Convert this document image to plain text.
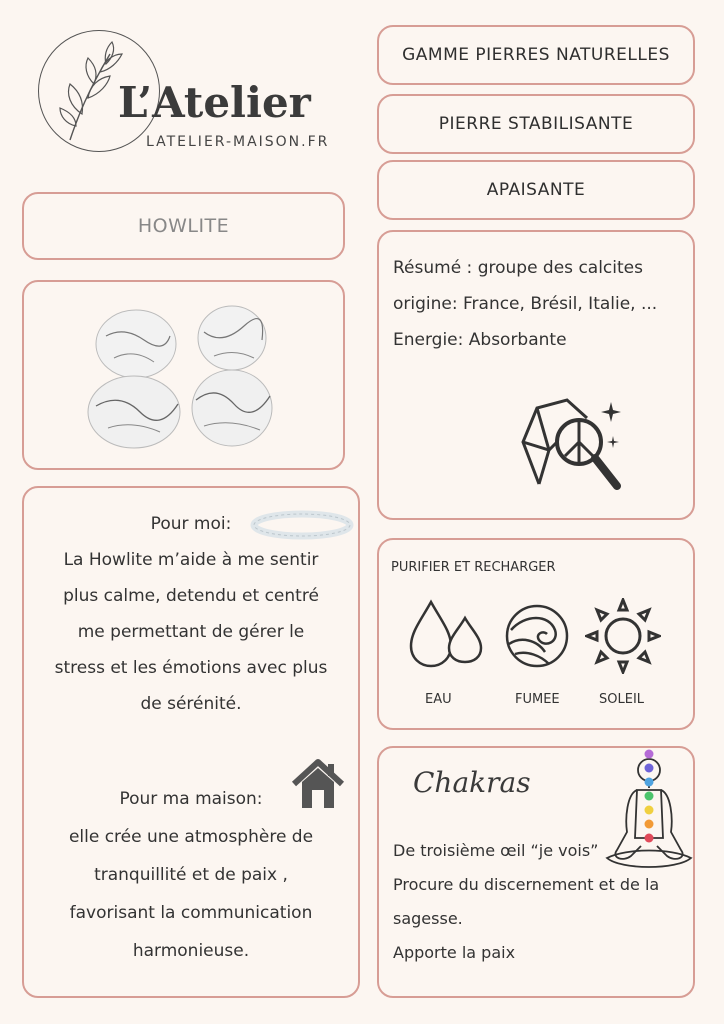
L’Atelier
LATELIER-MAISON.FR
GAMME PIERRES NATURELLES
PIERRE STABILISANTE
APAISANTE
HOWLITE
Résumé : groupe des calcites
origine: France, Brésil, Italie, ...
Energie: Absorbante
Pour moi:
La Howlite m’aide à me sentir
plus calme, detendu et centré
me permettant de gérer le
stress et les émotions avec plus
de sérénité.
Pour ma maison:
elle crée une atmosphère de
tranquillité et de paix ,
favorisant la communication
harmonieuse.
PURIFIER ET RECHARGER
EAU	FUMEE	SOLEIL
Chakras
De troisième œil “je vois”
Procure du discernement et de la
sagesse.
Apporte la paix
